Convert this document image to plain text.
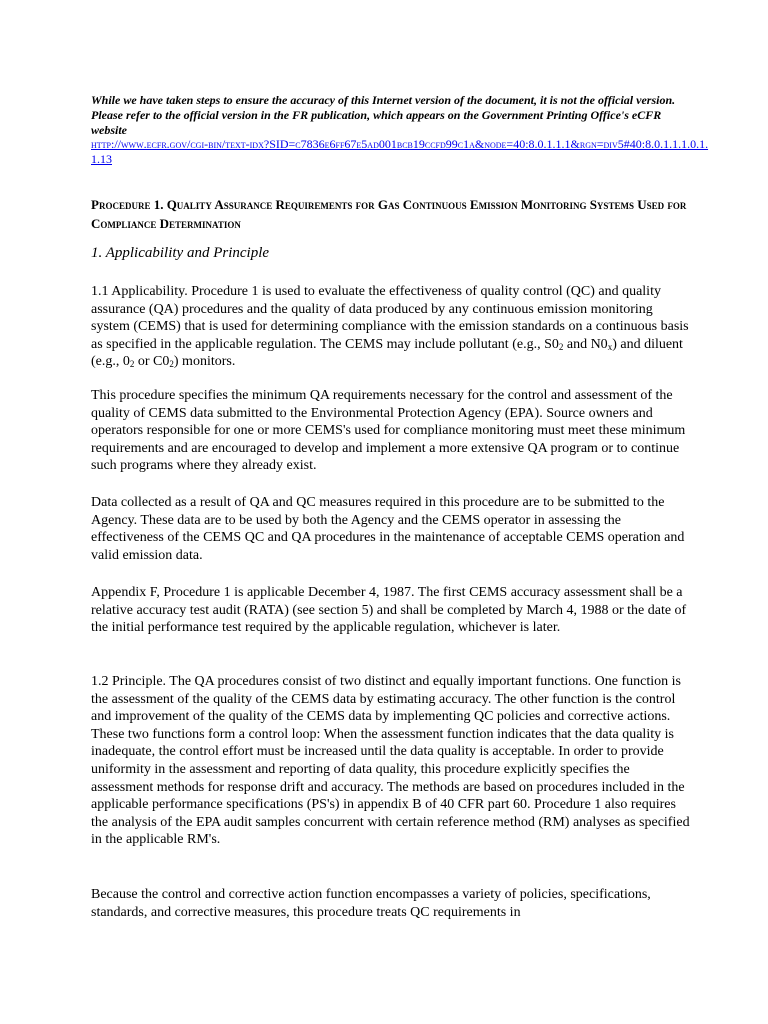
While we have taken steps to ensure the accuracy of this Internet version of the document, it is not the official version. Please refer to the official version in the FR publication, which appears on the Government Printing Office's eCFR website
http://www.ecfr.gov/cgi-bin/text-idx?SID=c7836e6ff67e5ad001bcb19ccfd99c1a&node=40:8.0.1.1.1&rgn=div5#40:8.0.1.1.1.0.1.1.13
Procedure 1. Quality Assurance Requirements for Gas Continuous Emission Monitoring Systems Used for Compliance Determination
1. Applicability and Principle

1.1 Applicability. Procedure 1 is used to evaluate the effectiveness of quality control (QC) and quality assurance (QA) procedures and the quality of data produced by any continuous emission monitoring system (CEMS) that is used for determining compliance with the emission standards on a continuous basis as specified in the applicable regulation. The CEMS may include pollutant (e.g., $S0_2$ and $N0_x$) and diluent (e.g., $0_2$ or $C0_2$) monitors.

This procedure specifies the minimum QA requirements necessary for the control and assessment of the quality of CEMS data submitted to the Environmental Protection Agency (EPA). Source owners and operators responsible for one or more CEMS's used for compliance monitoring must meet these minimum requirements and are encouraged to develop and implement a more extensive QA program or to continue such programs where they already exist.

Data collected as a result of QA and QC measures required in this procedure are to be submitted to the Agency. These data are to be used by both the Agency and the CEMS operator in assessing the effectiveness of the CEMS QC and QA procedures in the maintenance of acceptable CEMS operation and valid emission data.

Appendix F, Procedure 1 is applicable December 4, 1987. The first CEMS accuracy assessment shall be a relative accuracy test audit (RATA) (see section 5) and shall be completed by March 4, 1988 or the date of the initial performance test required by the applicable regulation, whichever is later.

1.2 Principle. The QA procedures consist of two distinct and equally important functions. One function is the assessment of the quality of the CEMS data by estimating accuracy. The other function is the control and improvement of the quality of the CEMS data by implementing QC policies and corrective actions. These two functions form a control loop: When the assessment function indicates that the data quality is inadequate, the control effort must be increased until the data quality is acceptable. In order to provide uniformity in the assessment and reporting of data quality, this procedure explicitly specifies the assessment methods for response drift and accuracy. The methods are based on procedures included in the applicable performance specifications (PS's) in appendix B of 40 CFR part 60. Procedure 1 also requires the analysis of the EPA audit samples concurrent with certain reference method (RM) analyses as specified in the applicable RM's.

Because the control and corrective action function encompasses a variety of policies, specifications, standards, and corrective measures, this procedure treats QC requirements in
